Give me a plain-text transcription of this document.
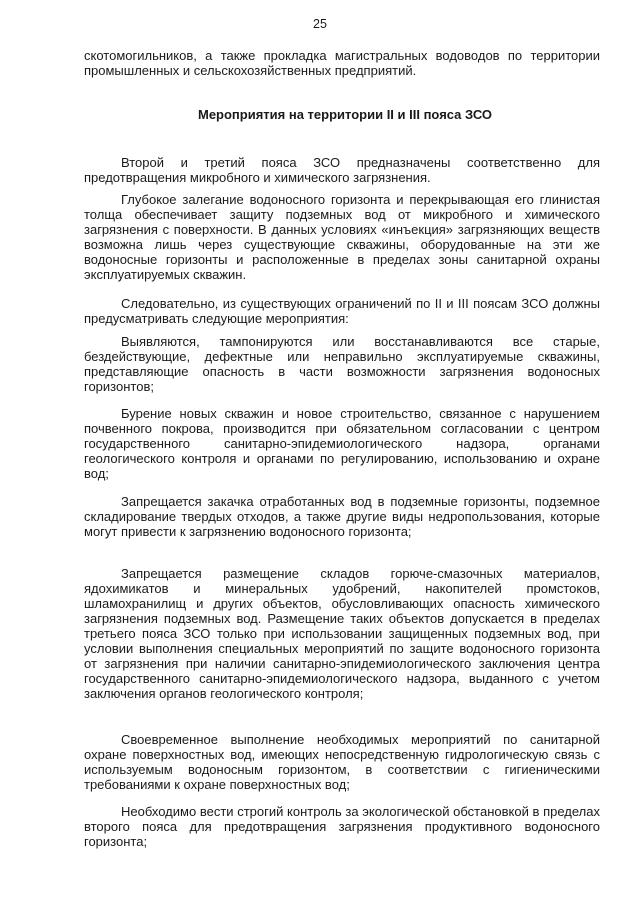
25
скотомогильников, а также прокладка магистральных водоводов по территории промышленных и сельскохозяйственных предприятий.
Мероприятия на территории II и III пояса ЗСО
Второй и третий пояса ЗСО предназначены соответственно для предотвращения микробного и химического загрязнения.
Глубокое залегание водоносного горизонта и перекрывающая его глинистая толща обеспечивает защиту подземных вод от микробного и химического загрязнения с поверхности. В данных условиях «инъекция» загрязняющих веществ возможна лишь через существующие скважины, оборудованные на эти же водоносные горизонты и расположенные в пределах зоны санитарной охраны эксплуатируемых скважин.
Следовательно, из существующих ограничений по II и III поясам ЗСО должны предусматривать следующие мероприятия:
Выявляются, тампонируются или восстанавливаются все старые, бездействующие, дефектные или неправильно эксплуатируемые скважины, представляющие опасность в части возможности загрязнения водоносных горизонтов;
Бурение новых скважин и новое строительство, связанное с нарушением почвенного покрова, производится при обязательном согласовании с центром государственного санитарно-эпидемиологического надзора, органами геологического контроля и органами по регулированию, использованию и охране вод;
Запрещается закачка отработанных вод в подземные горизонты, подземное складирование твердых отходов, а также другие виды недропользования, которые могут привести к загрязнению водоносного горизонта;
Запрещается размещение складов горюче-смазочных материалов, ядохимикатов и минеральных удобрений, накопителей промстоков, шламохранилищ и других объектов, обусловливающих опасность химического загрязнения подземных вод. Размещение таких объектов допускается в пределах третьего пояса ЗСО только при использовании защищенных подземных вод, при условии выполнения специальных мероприятий по защите водоносного горизонта от загрязнения при наличии санитарно-эпидемиологического заключения центра государственного санитарно-эпидемиологического надзора, выданного с учетом заключения органов геологического контроля;
Своевременное выполнение необходимых мероприятий по санитарной охране поверхностных вод, имеющих непосредственную гидрологическую связь с используемым водоносным горизонтом, в соответствии с гигиеническими требованиями к охране поверхностных вод;
Необходимо вести строгий контроль за экологической обстановкой в пределах второго пояса для предотвращения загрязнения продуктивного водоносного горизонта;
